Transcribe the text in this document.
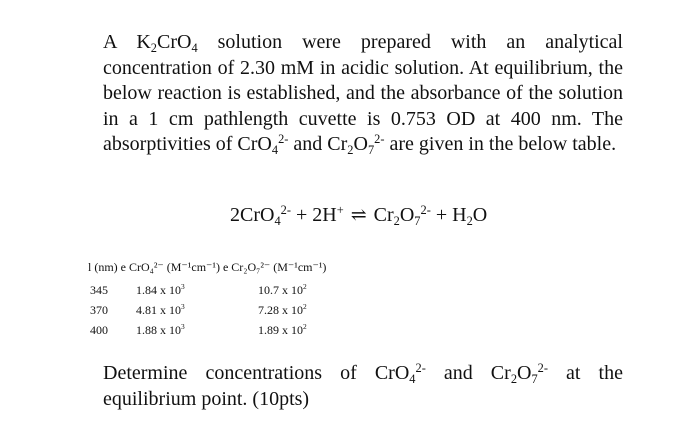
A $K_2CrO_4$ solution were prepared with an analytical concentration of 2.30 mM in acidic solution. At equilibrium, the below reaction is established, and the absorbance of the solution in a 1 cm pathlength cuvette is 0.753 OD at 400 nm. The absorptivities of CrO$_4^{2-}$ and $Cr_2O_7^{2-}$ are given in the below table.

2CrO$_4^{2-}$ + 2H+ ⇌ $Cr_2O_7^{2-} + H_2O$
l (nm) e CrO₄²⁻ (M⁻¹cm⁻¹) e Cr₂O₇²⁻ (M⁻¹cm⁻¹)
345	1.84 x $10^3$	10.7 x $10^2$
370	4.81 x $10^3$	7.28 x $10^2$
400	1.88 x $10^3$	1.89 x $10^2$

Determine concentrations of CrO$_4^{2-}$ and $Cr_2O_7^{2-}$ at the equilibrium point. (10pts)
